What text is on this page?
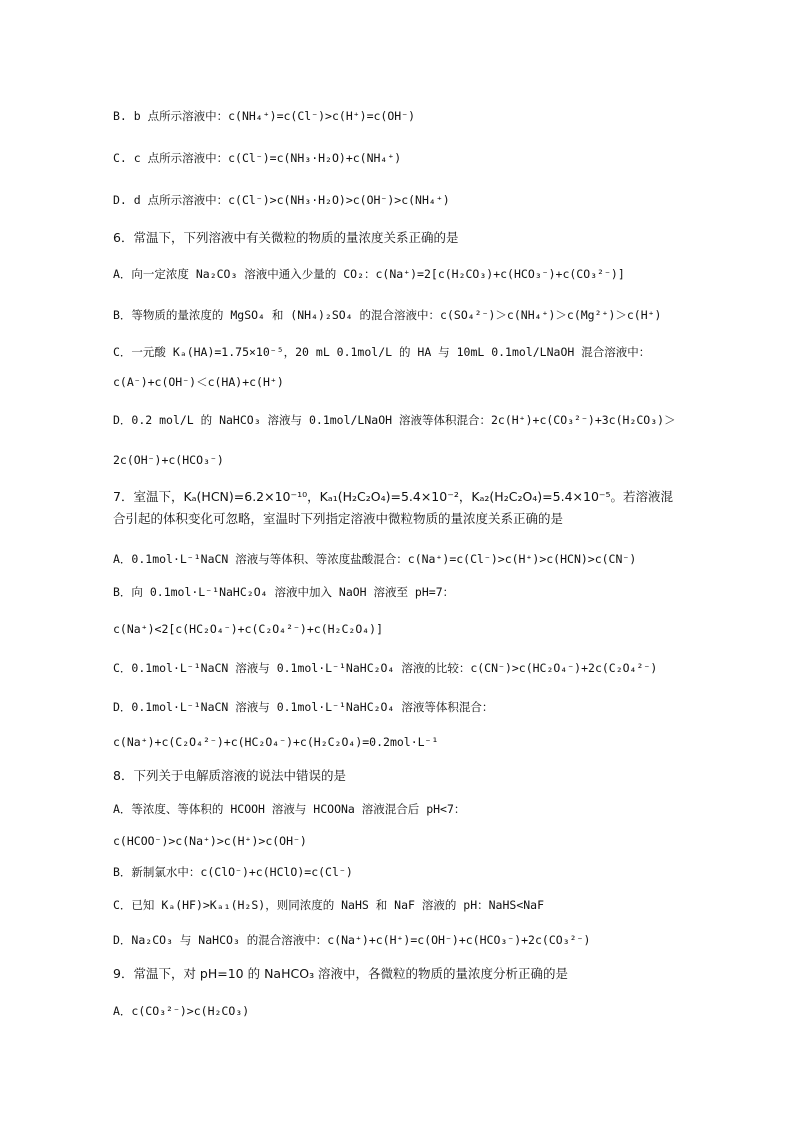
B. b 点所示溶液中：c(NH₄⁺)=c(Cl⁻)>c(H⁺)=c(OH⁻)
C. c 点所示溶液中：c(Cl⁻)=c(NH₃·H₂O)+c(NH₄⁺)
D. d 点所示溶液中：c(Cl⁻)>c(NH₃·H₂O)>c(OH⁻)>c(NH₄⁺)
6．常温下，下列溶液中有关微粒的物质的量浓度关系正确的是
A．向一定浓度 Na₂CO₃ 溶液中通入少量的 CO₂：c(Na⁺)=2[c(H₂CO₃)+c(HCO₃⁻)+c(CO₃²⁻)]
B．等物质的量浓度的 MgSO₄ 和 (NH₄)₂SO₄ 的混合溶液中：c(SO₄²⁻)＞c(NH₄⁺)＞c(Mg²⁺)＞c(H⁺)
C．一元酸 Kₐ(HA)=1.75×10⁻⁵，20 mL 0.1mol/L 的 HA 与 10mL 0.1mol/LNaOH 混合溶液中：
c(A⁻)+c(OH⁻)＜c(HA)+c(H⁺)
D．0.2 mol/L 的 NaHCO₃ 溶液与 0.1mol/LNaOH 溶液等体积混合：2c(H⁺)+c(CO₃²⁻)+3c(H₂CO₃)＞
2c(OH⁻)+c(HCO₃⁻)
7．室温下，Kₐ(HCN)=6.2×10⁻¹⁰，Kₐ₁(H₂C₂O₄)=5.4×10⁻²，Kₐ₂(H₂C₂O₄)=5.4×10⁻⁵。若溶液混合引起的体积变化可忽略，室温时下列指定溶液中微粒物质的量浓度关系正确的是
A．0.1mol·L⁻¹NaCN 溶液与等体积、等浓度盐酸混合：c(Na⁺)=c(Cl⁻)>c(H⁺)>c(HCN)>c(CN⁻)
B．向 0.1mol·L⁻¹NaHC₂O₄ 溶液中加入 NaOH 溶液至 pH=7：
c(Na⁺)<2[c(HC₂O₄⁻)+c(C₂O₄²⁻)+c(H₂C₂O₄)]
C．0.1mol·L⁻¹NaCN 溶液与 0.1mol·L⁻¹NaHC₂O₄ 溶液的比较：c(CN⁻)>c(HC₂O₄⁻)+2c(C₂O₄²⁻)
D．0.1mol·L⁻¹NaCN 溶液与 0.1mol·L⁻¹NaHC₂O₄ 溶液等体积混合：
c(Na⁺)+c(C₂O₄²⁻)+c(HC₂O₄⁻)+c(H₂C₂O₄)=0.2mol·L⁻¹
8．下列关于电解质溶液的说法中错误的是
A．等浓度、等体积的 HCOOH 溶液与 HCOONa 溶液混合后 pH<7：
c(HCOO⁻)>c(Na⁺)>c(H⁺)>c(OH⁻)
B．新制氯水中：c(ClO⁻)+c(HClO)=c(Cl⁻)
C．已知 Kₐ(HF)>Kₐ₁(H₂S)，则同浓度的 NaHS 和 NaF 溶液的 pH：NaHS<NaF
D．Na₂CO₃ 与 NaHCO₃ 的混合溶液中：c(Na⁺)+c(H⁺)=c(OH⁻)+c(HCO₃⁻)+2c(CO₃²⁻)
9．常温下，对 pH=10 的 NaHCO₃ 溶液中，各微粒的物质的量浓度分析正确的是
A．c(CO₃²⁻)>c(H₂CO₃)
